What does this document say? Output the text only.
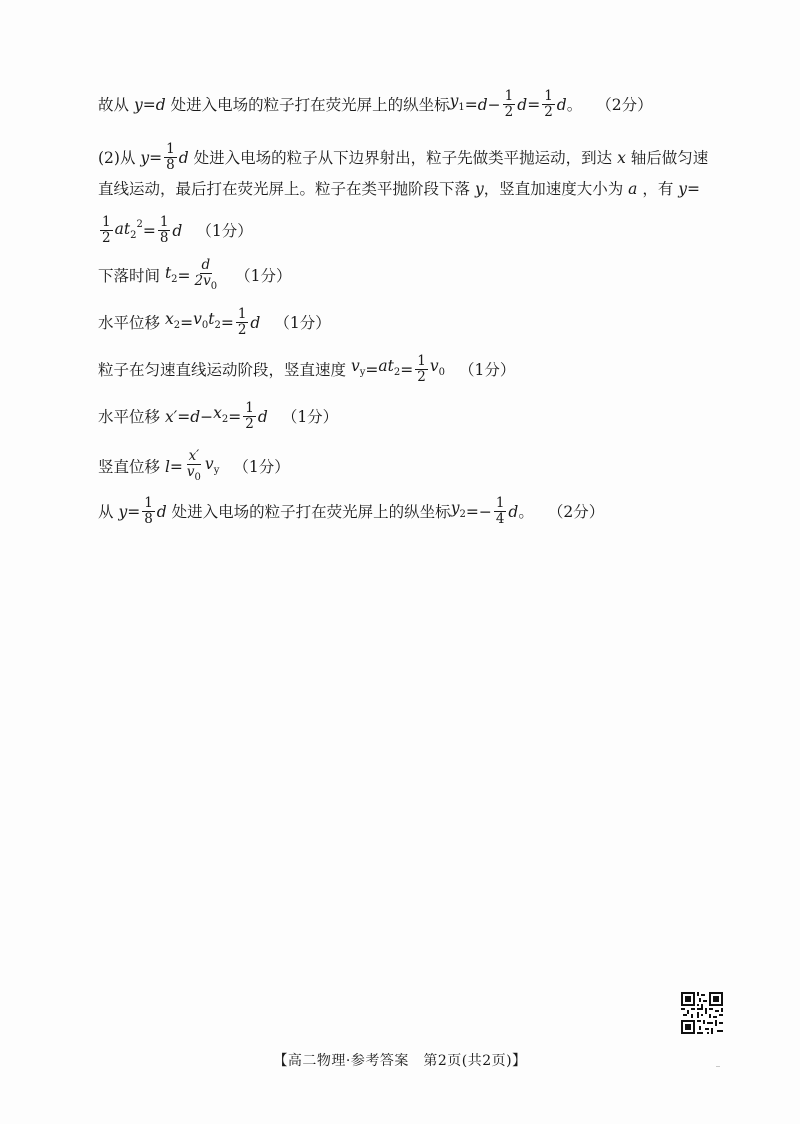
故从 y = d
处进入电场的粒子打在荧光屏上的纵坐标 $y_1 = d - \frac{1}{2}$ $d = \frac{1}{2}$ d 。 （2分）
(2)从 $y = \frac{1}{8}$ d
处进入电场的粒子从下边界射出，粒子先做类平抛运动，到达 x 轴后做匀速
直线运动，最后打在荧光屏上。粒子在类平抛阶段下落 y ，竖直加速度大小为 a ，有 y =
$\frac{1}{2} at_2^2 = \frac{1}{8}$ d （1分）
下落时间 $t_2 = \frac{d}{2v_0} (1$分）
水平位移 $x_2 = v_0t_2 = \frac{1}{2}$ d （1分）
粒子在匀速直线运动阶段，竖直速度 $v_y = at_2 = \frac{1}{2} v_0$ （1分）
水平位移 $x' = d - x_2 = \frac{1}{2}$ d （1分）
竖直位移 $l = \frac{x'}{v_0} v_y$ （1分）
从 $y = \frac{1}{8}$ d
处进入电场的粒子打在荧光屏上的纵坐标 $y_2 =- \frac{1}{4}$ d 。 （2分）
【高二物理·参考答案　第2页(共2页)】
